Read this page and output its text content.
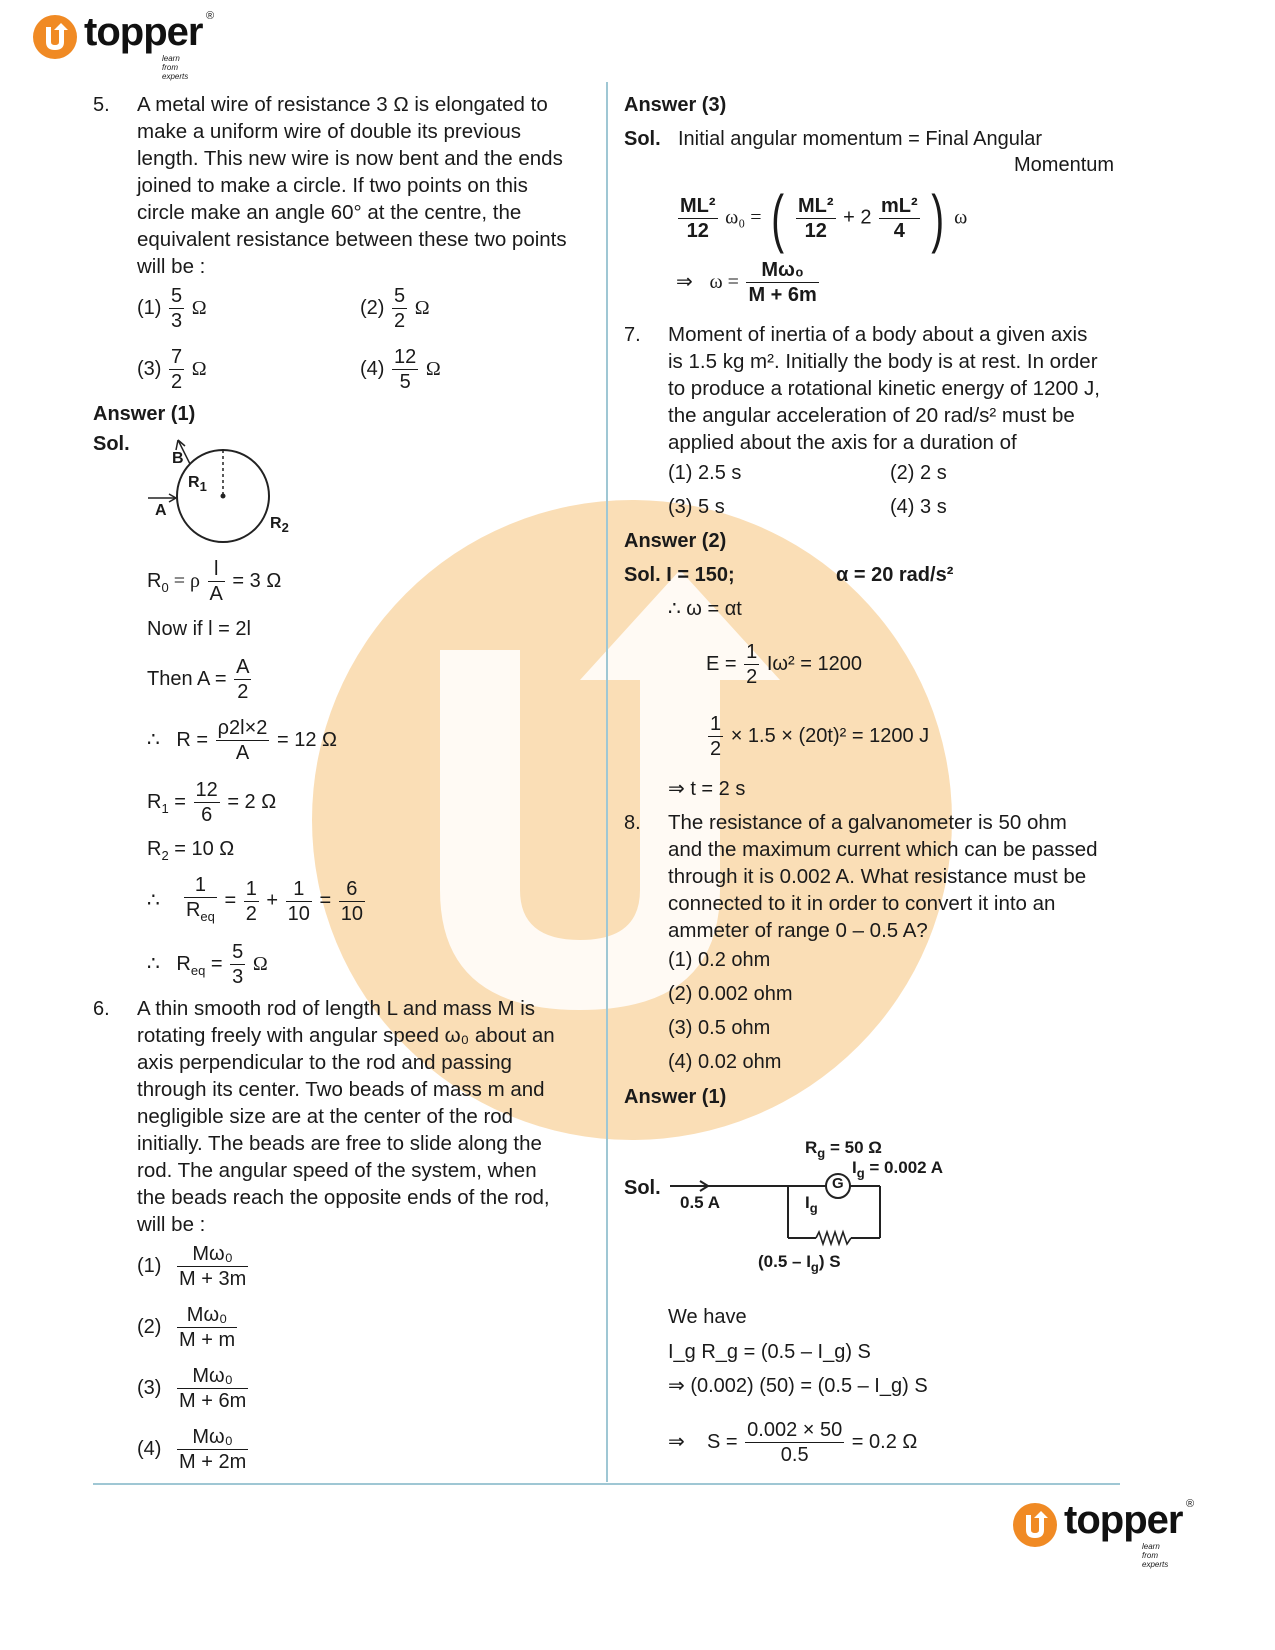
topper ®
learn from experts
5. A metal wire of resistance 3 Ω is elongated to
make a uniform wire of double its previous
length. This new wire is now bent and the ends
joined to make a circle. If two points on this
circle make an angle 60° at the centre, the
equivalent resistance between these two points
will be :
$(1) \frac{5}{3}$ Ω	$(2) \frac{5}{2}$ Ω
$(3) \frac{7}{2}$ Ω	$(4) \frac{12}{5}$ Ω
Answer (1)
Sol.
B
A
$R_1$
$R_2$
$R_0 = \rho \frac{l}{A} = 3$ Ω
Now if l = 2l
Then $A = \frac{A}{2}$
∴ $R = \frac{\rho 2l\times 2}{A} = 12$ Ω
$R_1 = \frac{12}{6} = 2$ Ω
$R_2 = 10$ Ω
∴ $\frac{1}{R_{eq}} = \frac{1}{2} + \frac{1}{10} = \frac{6}{10}$
∴ $R_{eq} = \frac{5}{3}$ Ω
6. A thin smooth rod of length L and mass M is
rotating freely with angular speed ω₀ about an
axis perpendicular to the rod and passing
through its center. Two beads of mass m and
negligible size are at the center of the rod
initially. The beads are free to slide along the
rod. The angular speed of the system, when
the beads reach the opposite ends of the rod,
will be :
$(1) \frac{\text{Mω₀}}{M + 3m}$
$(2) \frac{\text{Mω₀}}{M + m}$
$(3) \frac{\text{Mω₀}}{M + 6m}$
$(4) \frac{\text{Mω₀}}{M + 2m}$
Answer (3)
Sol. Initial angular momentum = Final Angular
Momentum
$\frac{\text{ML²}}{12} \omega_0$ = ( $\frac{\text{ML²}}{12} + 2 \frac{\text{mL²}}{4}$ ) ω
⇒ $\omega = \frac{\text{Mω₀}}{M + 6m}$
7. Moment of inertia of a body about a given axis
is 1.5 kg m². Initially the body is at rest. In order
to produce a rotational kinetic energy of 1200 J,
the angular acceleration of 20 rad/s² must be
applied about the axis for a duration of
(1) 2.5 s	(2) 2 s
(3) 5 s	(4) 3 s
Answer (2)
Sol. I = 150;	α = 20 rad/s²
∴ ω = αt
$E = \frac{1}{2} I\omega^2 = 1200$
$\frac{1}{2} \times 1.5 \times (20t)^2 = 1200$ J
⇒ t = 2 s
8. The resistance of a galvanometer is 50 ohm
and the maximum current which can be passed
through it is 0.002 A. What resistance must be
connected to it in order to convert it into an
ammeter of range 0 – 0.5 A?
(1) 0.2 ohm
(2) 0.002 ohm
(3) 0.5 ohm
(4) 0.02 ohm
Answer (1)
Sol.	G
$R_g = 50$ Ω
$I_g = 0.002$ A
0.5 A	$I_g$
$(0.5 - I_g)$ S
We have
I_g R_g = (0.5 – I_g) S
⇒ (0.002) (50) = (0.5 – I_g) S
⇒ $S = \frac{0.002 \times 50}{0.5} = 0.2$ Ω
topper ®
learn from experts
